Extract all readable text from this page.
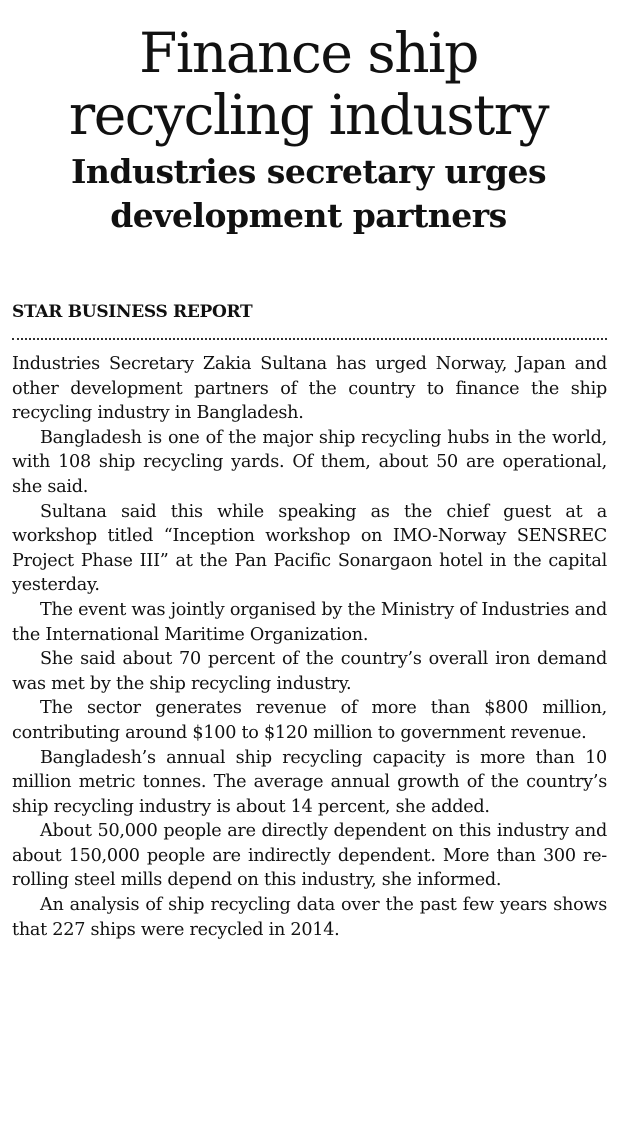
Finance ship
recycling industry
Industries secretary urges
development partners
STAR BUSINESS REPORT

Industries Secretary Zakia Sultana has urged Norway, Japan and other development partners of the country to finance the ship recycling industry in Bangladesh.

Bangladesh is one of the major ship recycling hubs in the world, with 108 ship recycling yards. Of them, about 50 are operational, she said.

Sultana said this while speaking as the chief guest at a workshop titled “Inception workshop on IMO-Norway SENSREC Project Phase III” at the Pan Pacific Sonargaon hotel in the capital yesterday.

The event was jointly organised by the Ministry of Industries and the International Maritime Organization.

She said about 70 percent of the country’s overall iron demand was met by the ship recycling industry.

The sector generates revenue of more than $800 million, contributing around $100 to $120 million to government revenue.

Bangladesh’s annual ship recycling capacity is more than 10 million metric tonnes. The average annual growth of the country’s ship recycling industry is about 14 percent, she added.

About 50,000 people are directly dependent on this industry and about 150,000 people are indirectly dependent. More than 300 re-rolling steel mills depend on this industry, she informed.

An analysis of ship recycling data over the past few years shows that 227 ships were recycled in 2014.
